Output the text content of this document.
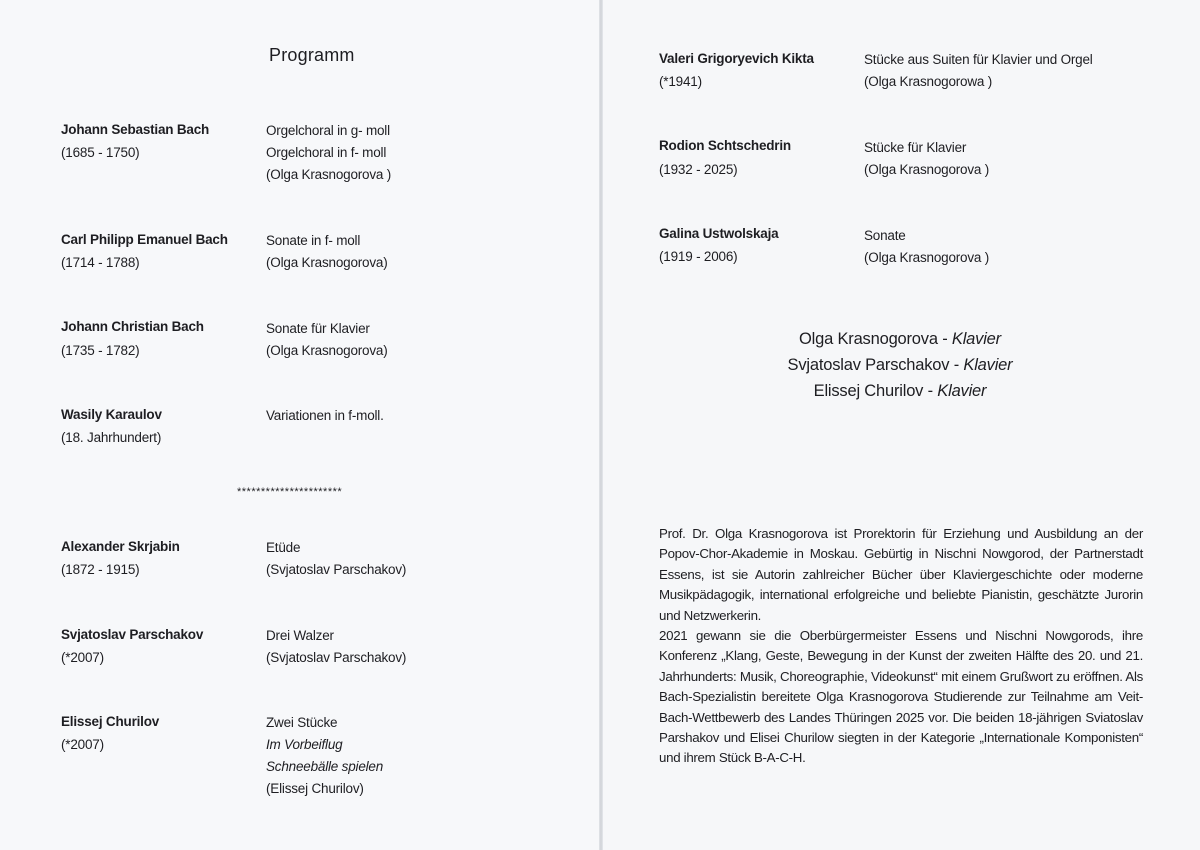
Programm
Johann Sebastian Bach
(1685 - 1750)
Orgelchoral in g- moll
Orgelchoral in f- moll
(Olga Krasnogorova )
Carl Philipp Emanuel Bach
(1714 - 1788)
Sonate in f- moll
(Olga Krasnogorova)
Johann Christian Bach
(1735 - 1782)
Sonate für Klavier
(Olga Krasnogorova)
Wasily Karaulov
(18. Jahrhundert)
Variationen in f-moll.
**********************
Alexander Skrjabin
(1872 - 1915)
Etüde
(Svjatoslav Parschakov)
Svjatoslav Parschakov
(*2007)
Drei Walzer
(Svjatoslav Parschakov)
Elissej Churilov
(*2007)
Zwei Stücke
Im Vorbeiflug
Schneebälle spielen
(Elissej Churilov)
Valeri Grigoryevich Kikta
(*1941)
Stücke aus Suiten für Klavier und Orgel
(Olga Krasnogorowa )
Rodion Schtschedrin
(1932 - 2025)
Stücke für Klavier
(Olga Krasnogorova )
Galina Ustwolskaja
(1919 - 2006)
Sonate
(Olga Krasnogorova )
Olga Krasnogorova - Klavier
Svjatoslav Parschakov - Klavier
Elissej Churilov - Klavier

Prof. Dr. Olga Krasnogorova ist Prorektorin für Erziehung und Ausbildung an der Popov-Chor-Akademie in Moskau. Gebürtig in Nischni Nowgorod, der Partnerstadt Essens, ist sie Autorin zahlreicher Bücher über Klaviergeschichte oder moderne Musikpädagogik, international erfolgreiche und beliebte Pianistin, geschätzte Jurorin und Netzwerkerin.

2021 gewann sie die Oberbürgermeister Essens und Nischni Nowgorods, ihre Konferenz „Klang, Geste, Bewegung in der Kunst der zweiten Hälfte des 20. und 21. Jahrhunderts: Musik, Choreographie, Videokunst“ mit einem Grußwort zu eröffnen. Als Bach-Spezialistin bereitete Olga Krasnogorova Studierende zur Teilnahme am Veit-Bach-Wettbewerb des Landes Thüringen 2025 vor. Die beiden 18-jährigen Sviatoslav Parshakov und Elisei Churilow siegten in der Kategorie „Internationale Komponisten“ und ihrem Stück B-A-C-H.
